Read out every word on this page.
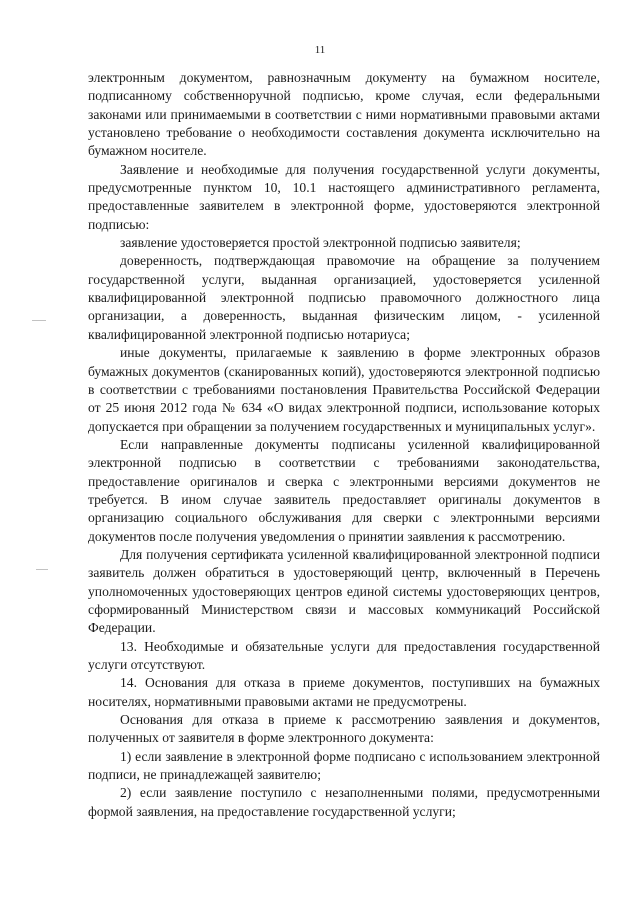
11

электронным документом, равнозначным документу на бумажном носителе, подписанному собственноручной подписью, кроме случая, если федеральными законами или принимаемыми в соответствии с ними нормативными правовыми актами установлено требование о необходимости составления документа исключительно на бумажном носителе.

Заявление и необходимые для получения государственной услуги документы, предусмотренные пунктом 10, 10.1 настоящего административного регламента, предоставленные заявителем в электронной форме, удостоверяются электронной подписью:

заявление удостоверяется простой электронной подписью заявителя;

доверенность, подтверждающая правомочие на обращение за получением государственной услуги, выданная организацией, удостоверяется усиленной квалифицированной электронной подписью правомочного должностного лица организации, а доверенность, выданная физическим лицом, - усиленной квалифицированной электронной подписью нотариуса;

иные документы, прилагаемые к заявлению в форме электронных образов бумажных документов (сканированных копий), удостоверяются электронной подписью в соответствии с требованиями постановления Правительства Российской Федерации от 25 июня 2012 года № 634 «О видах электронной подписи, использование которых допускается при обращении за получением государственных и муниципальных услуг».

Если направленные документы подписаны усиленной квалифицированной электронной подписью в соответствии с требованиями законодательства, предоставление оригиналов и сверка с электронными версиями документов не требуется. В ином случае заявитель предоставляет оригиналы документов в организацию социального обслуживания для сверки с электронными версиями документов после получения уведомления о принятии заявления к рассмотрению.

Для получения сертификата усиленной квалифицированной электронной подписи заявитель должен обратиться в удостоверяющий центр, включенный в Перечень уполномоченных удостоверяющих центров единой системы удостоверяющих центров, сформированный Министерством связи и массовых коммуникаций Российской Федерации.

13. Необходимые и обязательные услуги для предоставления государственной услуги отсутствуют.

14. Основания для отказа в приеме документов, поступивших на бумажных носителях, нормативными правовыми актами не предусмотрены.

Основания для отказа в приеме к рассмотрению заявления и документов, полученных от заявителя в форме электронного документа:

1) если заявление в электронной форме подписано с использованием электронной подписи, не принадлежащей заявителю;

2) если заявление поступило с незаполненными полями, предусмотренными формой заявления, на предоставление государственной услуги;
